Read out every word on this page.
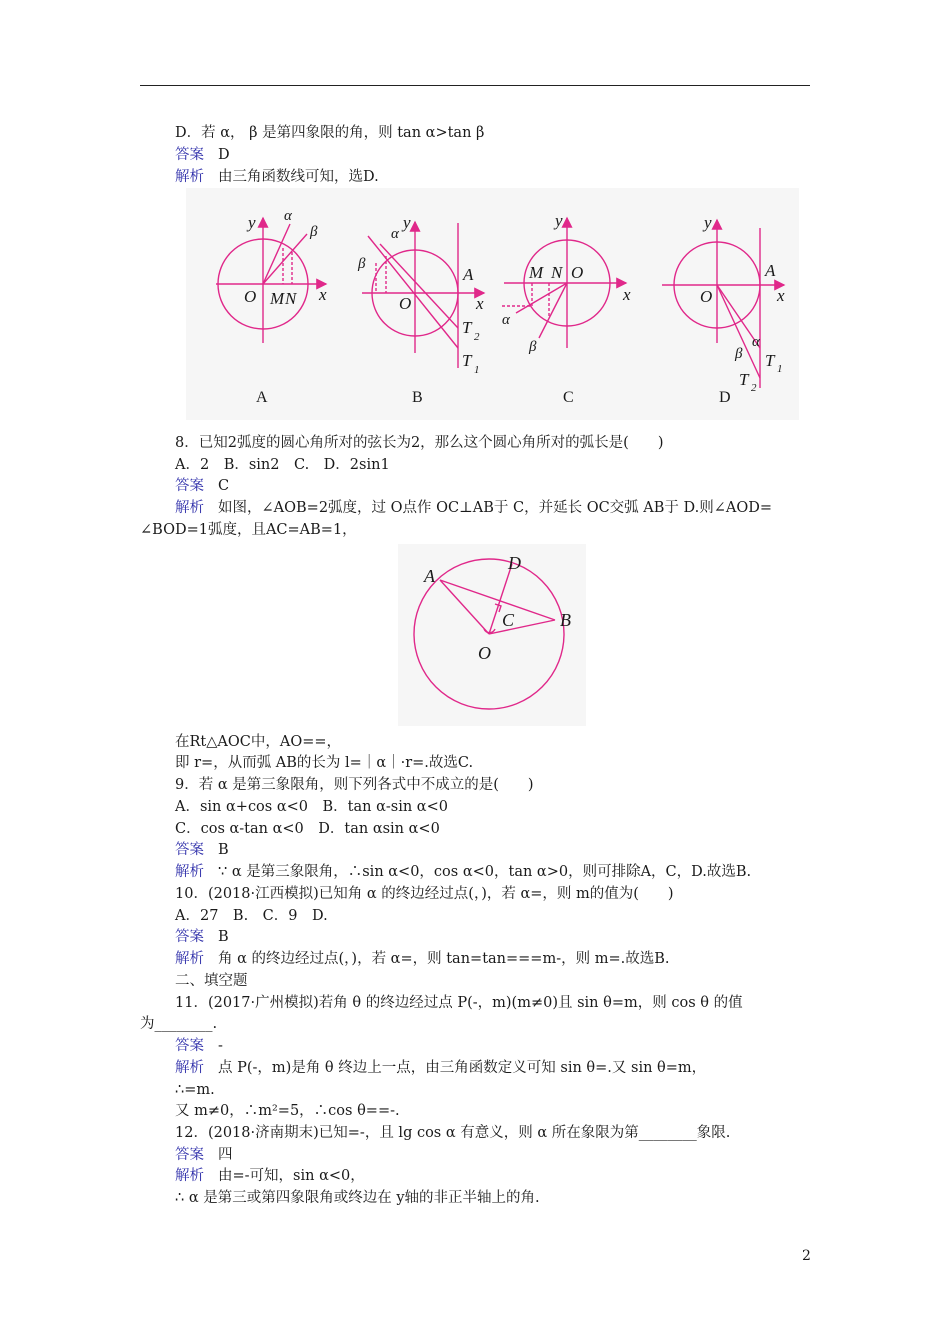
D．若 α， β 是第四象限的角，则 tan α>tan β
答案 D
解析 由三角函数线可知，选D.
y α
β
O M N x
y
α
β
O
A
x
T 2
T 1
y
M N O
x
α
β
y
O
A
x
β
α
T 1
T 2
A	B	C	D
8．已知2弧度的圆心角所对的弦长为2，那么这个圆心角所对的弧长是(　　)
A．2　B．sin2　C.　D．2sin1
答案 C
解析 如图，∠AOB=2弧度，过 O点作 OC⊥AB于 C，并延长 OC交弧 AB于 D.则∠AOD=
∠BOD=1弧度，且AC=AB=1，
A
D
C	B
O
在Rt△AOC中，AO==，
即 r=，从而弧 AB的长为 l=｜α｜·r=.故选C.
9．若 α 是第三象限角，则下列各式中不成立的是(　　)
A．sin α+cos α<0　B．tan α-sin α<0
C．cos α-tan α<0　D．tan αsin α<0
答案 B
解析 ∵ α 是第三象限角，∴sin α<0，cos α<0，tan α>0，则可排除A，C，D.故选B.
10．(2018·江西模拟)已知角 α 的终边经过点(，)，若 α=，则 m的值为(　　)
A．27　B.　C．9　D.
答案 B
解析 角 α 的终边经过点(，)，若 α=，则 tan=tan===m-，则 m=.故选B.
二、填空题
11．(2017·广州模拟)若角 θ 的终边经过点 P(-，m)(m≠0)且 sin θ=m，则 cos θ 的值
为________.
答案 -
解析 点 P(-，m)是角 θ 终边上一点，由三角函数定义可知 sin θ=.又 sin θ=m，
∴=m.
又 m≠0，∴m²=5，∴cos θ==-.
12．(2018·济南期末)已知=-，且 lg cos α 有意义，则 α 所在象限为第________象限.
答案 四
解析 由=-可知，sin α<0，
∴ α 是第三或第四象限角或终边在 y轴的非正半轴上的角.
2
